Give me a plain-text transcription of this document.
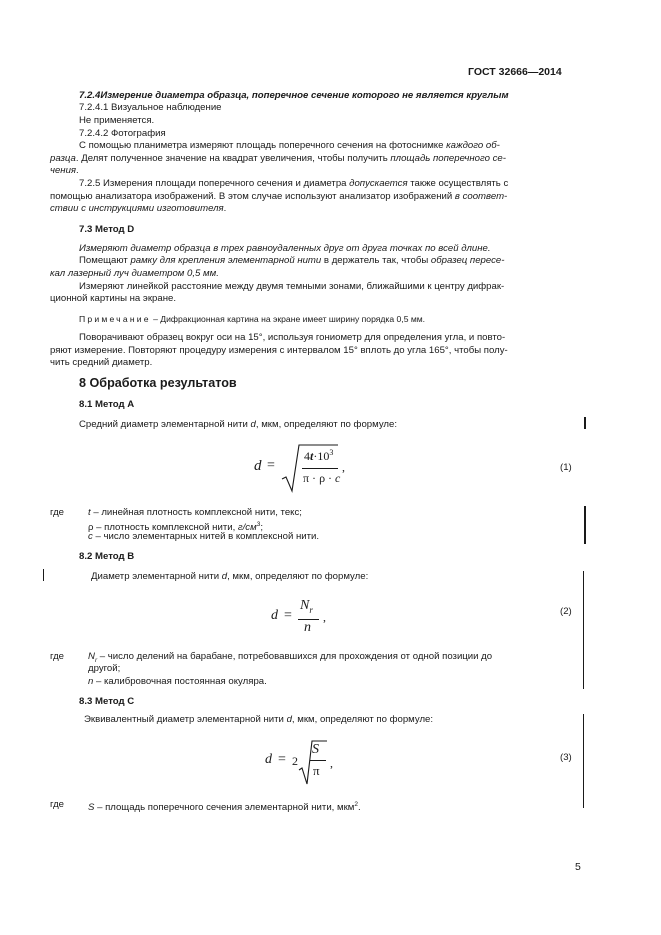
ГОСТ 32666—2014
7.2.4Измерение диаметра образца, поперечное сечение которого не является круглым
7.2.4.1 Визуальное наблюдение
Не применяется.
7.2.4.2 Фотография
С помощью планиметра измеряют площадь поперечного сечения на фотоснимке каждого об-
разца. Делят полученное значение на квадрат увеличения, чтобы получить площадь поперечного се-
чения.
7.2.5 Измерения площади поперечного сечения и диаметра допускается также осуществлять с
помощью анализатора изображений. В этом случае используют анализатор изображений в соответ-
ствии с инструкциями изготовителя.
7.3 Метод D
Измеряют диаметр образца в трех равноудаленных друг от друга точках по всей длине.
Помещают рамку для крепления элементарной нити в держатель так, чтобы образец пересе-
кал лазерный луч диаметром 0,5 мм.
Измеряют линейкой расстояние между двумя темными зонами, ближайшими к центру дифрак-
ционной картины на экране.
Примечание – Дифракционная картина на экране имеет ширину порядка 0,5 мм.
Поворачивают образец вокруг оси на 15°, используя гониометр для определения угла, и повто-
ряют измерение. Повторяют процедуру измерения с интервалом 15° вплоть до угла 165°, чтобы полу-
чить средний диаметр.
8 Обработка результатов
8.1 Метод А
Средний диаметр элементарной нити d, мкм, определяют по формуле:
d =
$4t\cdot 10^3$
π · ρ · c
,	(1)
где t – линейная плотность комплексной нити, текс;
ρ – плотность комплексной нити, $г/см^3$;
c – число элементарных нитей в комплексной нити.
8.2 Метод В
Диаметр элементарной нити d, мкм, определяют по формуле:
d =
$N_r$
n
,	(2)
где $N_r$ – число делений на барабане, потребовавшихся для прохождения от одной позиции до
другой;
n – калибровочная постоянная окуляра.
8.3 Метод С
Эквивалентный диаметр элементарной нити d, мкм, определяют по формуле:
d = 2
S
π ,	(3)
где S – площадь поперечного сечения элементарной нити, мкм$^2$.
5
